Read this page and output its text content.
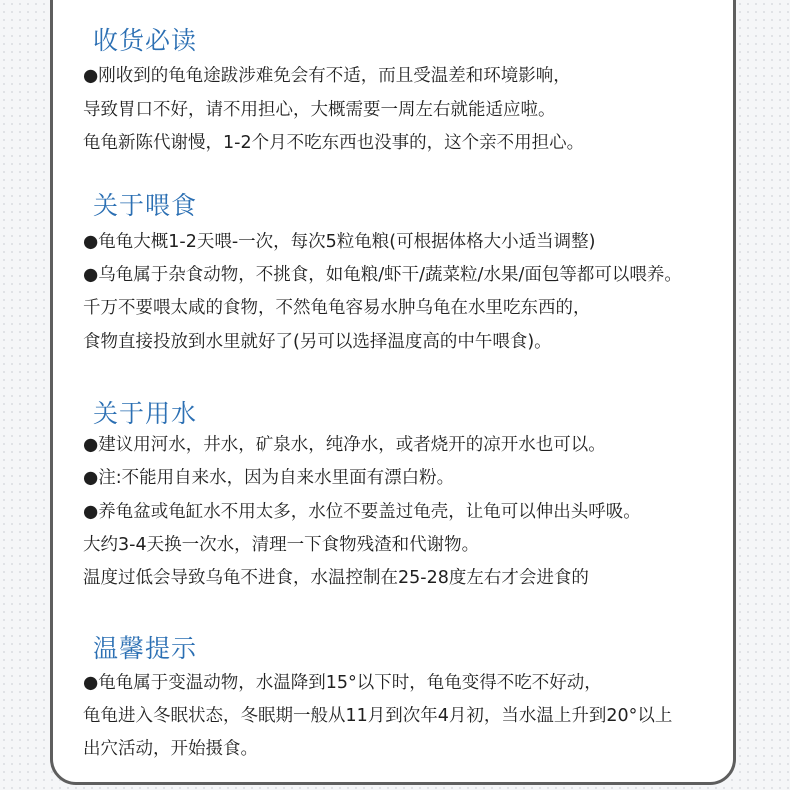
收货必读
●刚收到的龟龟途跋涉难免会有不适，而且受温差和环境影响，
导致胃口不好，请不用担心，大概需要一周左右就能适应啦。
龟龟新陈代谢慢，1-2个月不吃东西也没事的，这个亲不用担心。
关于喂食
●龟龟大概1-2天喂-一次，每次5粒龟粮(可根据体格大小适当调整)
●乌龟属于杂食动物，不挑食，如龟粮/虾干/蔬菜粒/水果/面包等都可以喂养。
千万不要喂太咸的食物，不然龟龟容易水肿乌龟在水里吃东西的，
食物直接投放到水里就好了(另可以选择温度高的中午喂食)。
关于用水
●建议用河水，井水，矿泉水，纯净水，或者烧开的凉开水也可以。
●注:不能用自来水，因为自来水里面有漂白粉。
●养龟盆或龟缸水不用太多，水位不要盖过龟壳，让龟可以伸出头呼吸。
大约3-4天换一次水，清理一下食物残渣和代谢物。
温度过低会导致乌龟不进食，水温控制在25-28度左右才会进食的
温馨提示
●龟龟属于变温动物，水温降到15°以下时，龟龟变得不吃不好动，
龟龟进入冬眠状态，冬眠期一般从11月到次年4月初，当水温上升到20°以上
出穴活动，开始摄食。
